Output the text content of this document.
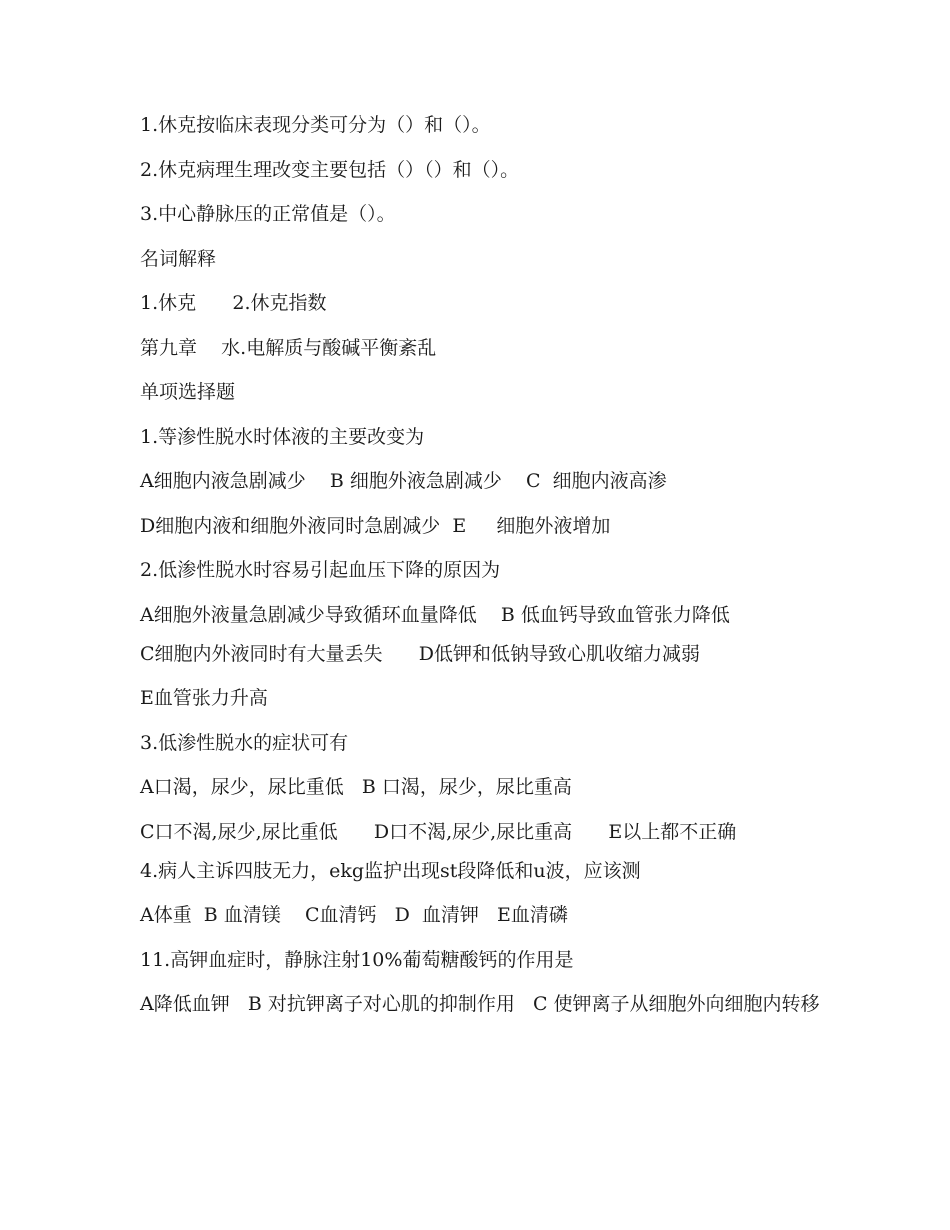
1.休克按临床表现分类可分为（）和（）。
2.休克病理生理改变主要包括（）（）和（）。
3.中心静脉压的正常值是（）。
名词解释
1.休克      2.休克指数
第九章    水.电解质与酸碱平衡紊乱
单项选择题
1.等渗性脱水时体液的主要改变为
A细胞内液急剧减少    B 细胞外液急剧减少    C  细胞内液高渗
D细胞内液和细胞外液同时急剧减少  E     细胞外液增加
2.低渗性脱水时容易引起血压下降的原因为
A细胞外液量急剧减少导致循环血量降低    B 低血钙导致血管张力降低
C细胞内外液同时有大量丢失      D低钾和低钠导致心肌收缩力减弱
E血管张力升高
3.低渗性脱水的症状可有
A口渴，尿少，尿比重低   B 口渴，尿少，尿比重高
C口不渴,尿少,尿比重低      D口不渴,尿少,尿比重高      E以上都不正确
4.病人主诉四肢无力，ekg监护出现st段降低和u波，应该测
A体重  B 血清镁    C血清钙   D  血清钾   E血清磷
11.高钾血症时，静脉注射10%葡萄糖酸钙的作用是
A降低血钾   B 对抗钾离子对心肌的抑制作用   C 使钾离子从细胞外向细胞内转移
